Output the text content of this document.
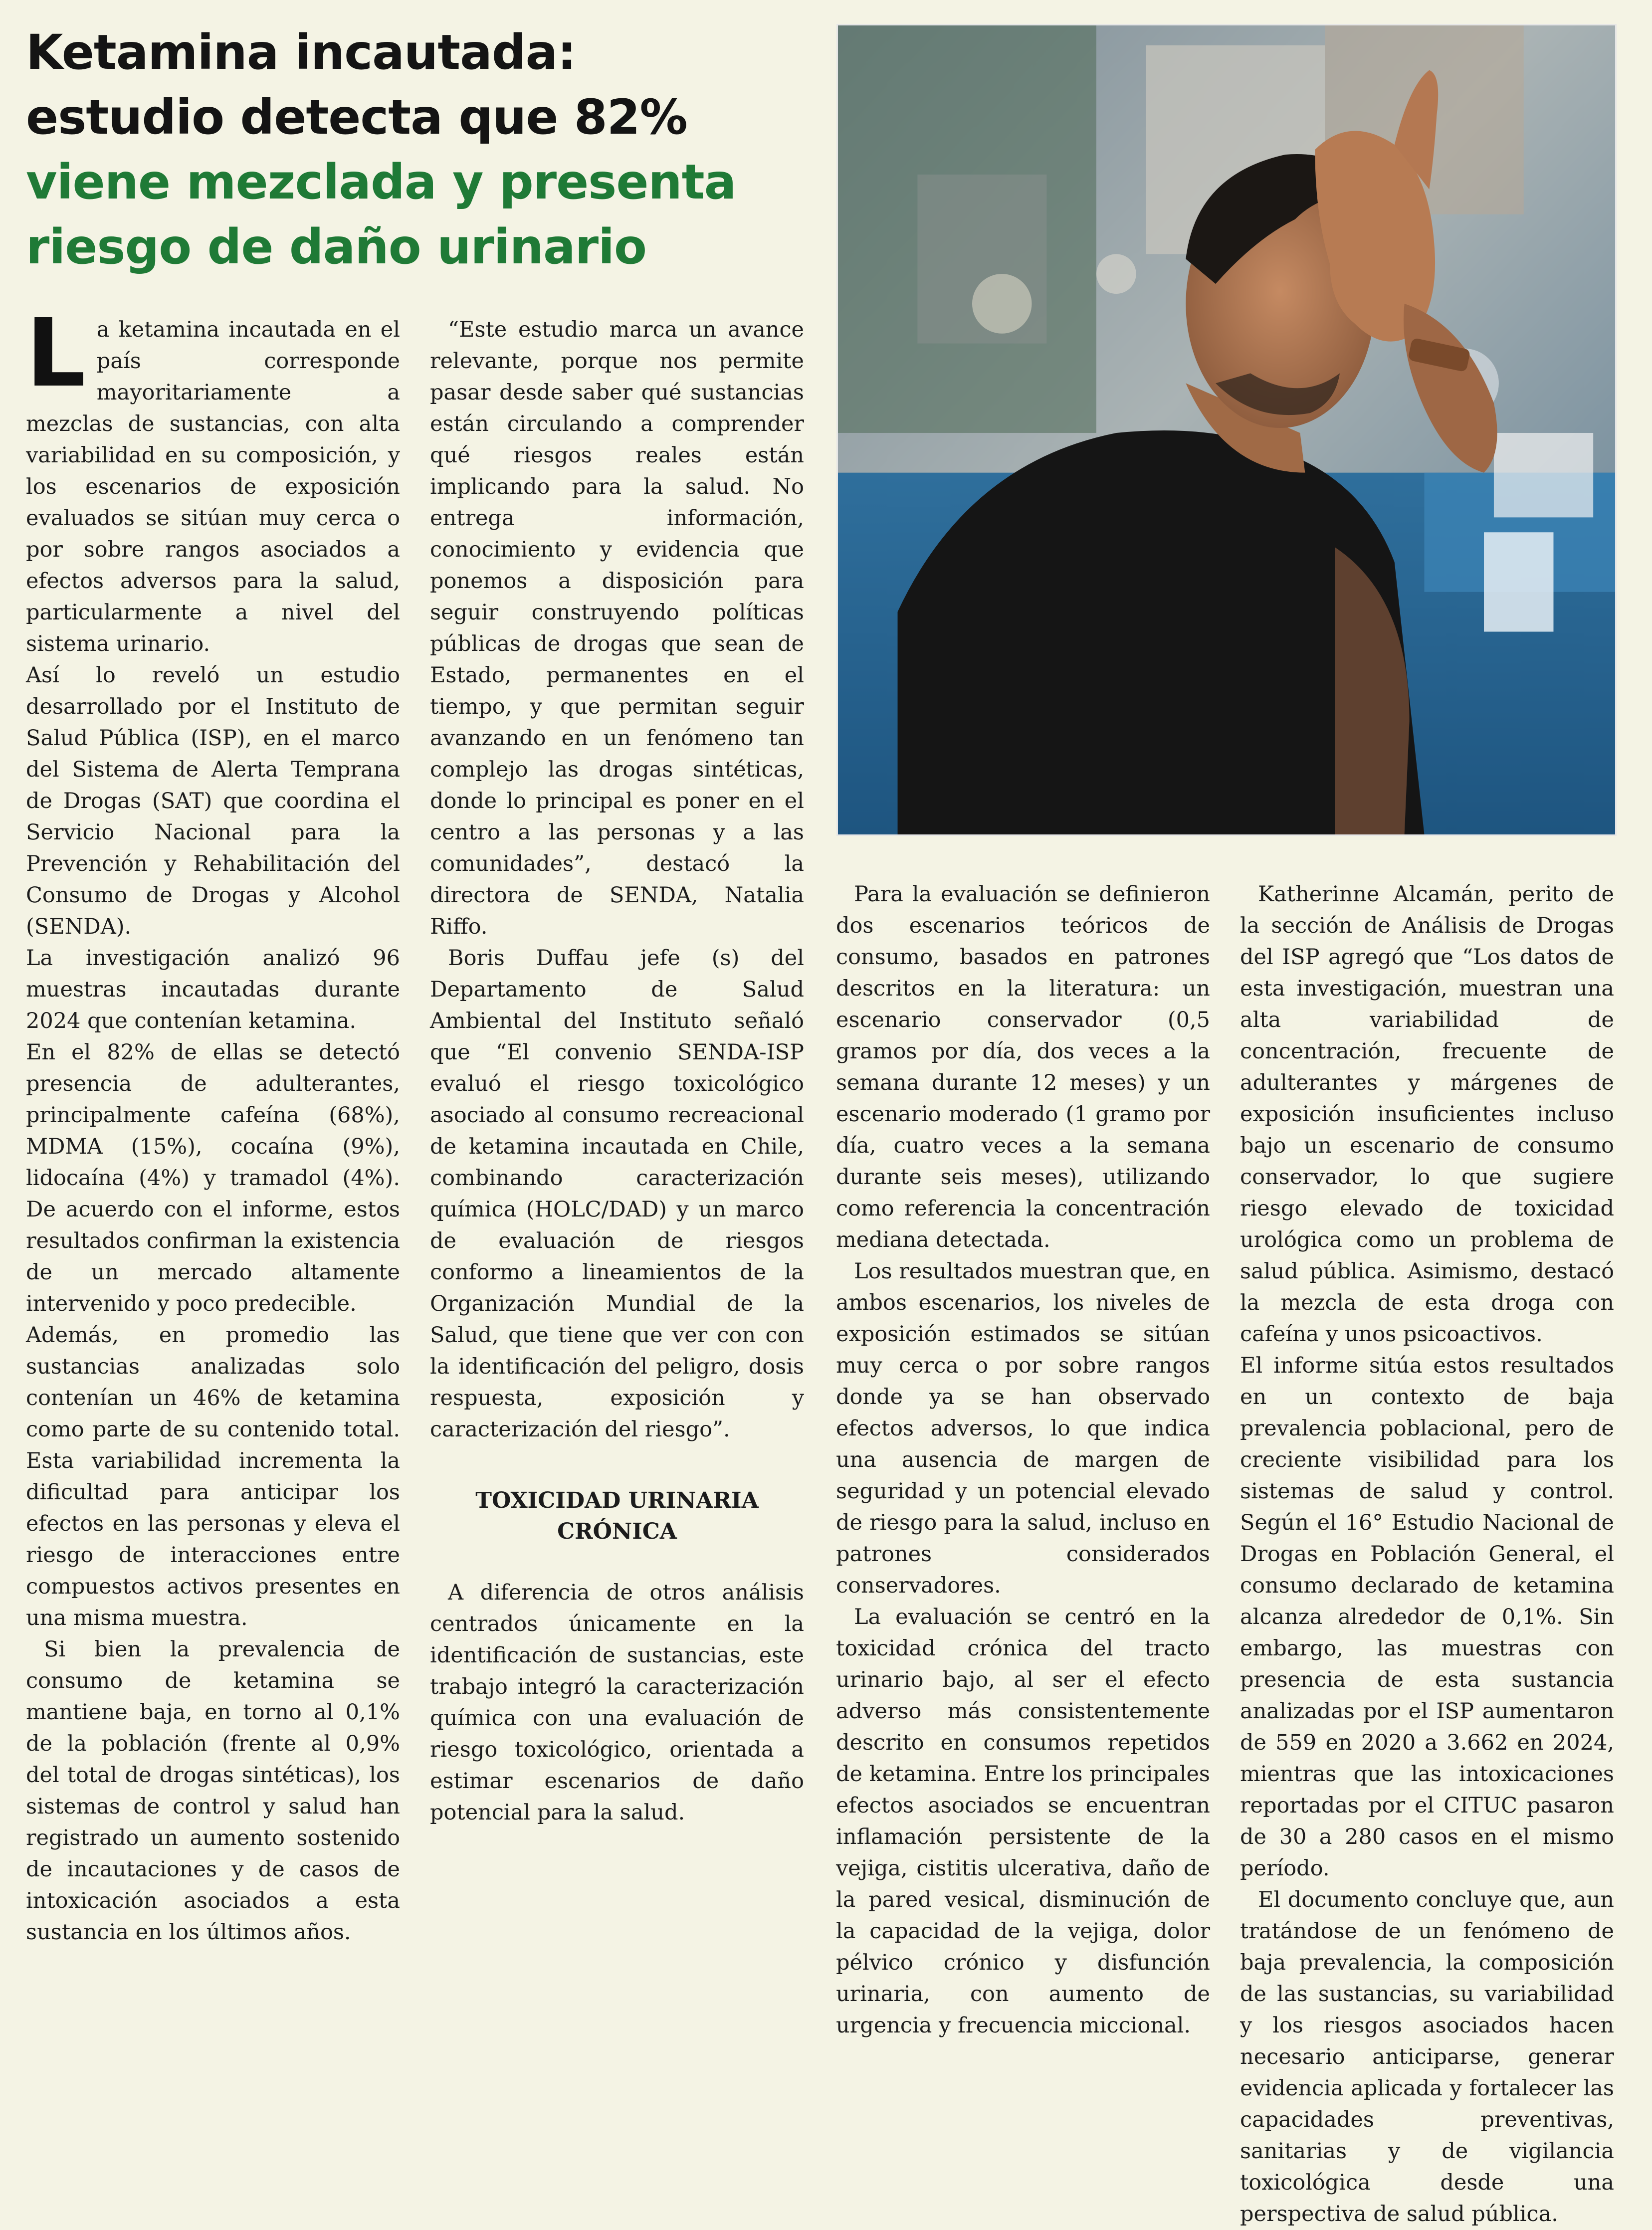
Ketamina incautada:
estudio detecta que 82%
viene mezclada y presenta
riesgo de daño urinario

La ketamina incautada en el país corresponde mayoritariamente a mezclas de sustancias, con alta variabilidad en su composición, y los escenarios de exposición evaluados se sitúan muy cerca o por sobre rangos asociados a efectos adversos para la salud, particularmente a nivel del sistema urinario.

Así lo reveló un estudio desarrollado por el Instituto de Salud Pública (ISP), en el marco del Sistema de Alerta Temprana de Drogas (SAT) que coordina el Servicio Nacional para la Prevención y Rehabilitación del Consumo de Drogas y Alcohol (SENDA).

La investigación analizó 96 muestras incautadas durante 2024 que contenían ketamina.

En el 82% de ellas se detectó presencia de adulterantes, principalmente cafeína (68%), MDMA (15%), cocaína (9%), lidocaína (4%) y tramadol (4%). De acuerdo con el informe, estos resultados confirman la existencia de un mercado altamente intervenido y poco predecible.

Además, en promedio las sustancias analizadas solo contenían un 46% de ketamina como parte de su contenido total. Esta variabilidad incrementa la dificultad para anticipar los efectos en las personas y eleva el riesgo de interacciones entre compuestos activos presentes en una misma muestra.

Si bien la prevalencia de consumo de ketamina se mantiene baja, en torno al 0,1% de la población (frente al 0,9% del total de drogas sintéticas), los sistemas de control y salud han registrado un aumento sostenido de incautaciones y de casos de intoxicación asociados a esta sustancia en los últimos años.

“Este estudio marca un avance relevante, porque nos permite pasar desde saber qué sustancias están circulando a comprender qué riesgos reales están implicando para la salud. No entrega información, conocimiento y evidencia que ponemos a disposición para seguir construyendo políticas públicas de drogas que sean de Estado, permanentes en el tiempo, y que permitan seguir avanzando en un fenómeno tan complejo las drogas sintéticas, donde lo principal es poner en el centro a las personas y a las comunidades”, destacó la directora de SENDA, Natalia Riffo.

Boris Duffau jefe (s) del Departamento de Salud Ambiental del Instituto señaló que “El convenio SENDA-ISP evaluó el riesgo toxicológico asociado al consumo recreacional de ketamina incautada en Chile, combinando caracterización química (HOLC/DAD) y un marco de evaluación de riesgos conformo a lineamientos de la Organización Mundial de la Salud, que tiene que ver con con la identificación del peligro, dosis respuesta, exposición y caracterización del riesgo”.

TOXICIDAD URINARIA CRÓNICA

A diferencia de otros análisis centrados únicamente en la identificación de sustancias, este trabajo integró la caracterización química con una evaluación de riesgo toxicológico, orientada a estimar escenarios de daño potencial para la salud.

Para la evaluación se definieron dos escenarios teóricos de consumo, basados en patrones descritos en la literatura: un escenario conservador (0,5 gramos por día, dos veces a la semana durante 12 meses) y un escenario moderado (1 gramo por día, cuatro veces a la semana durante seis meses), utilizando como referencia la concentración mediana detectada.

Los resultados muestran que, en ambos escenarios, los niveles de exposición estimados se sitúan muy cerca o por sobre rangos donde ya se han observado efectos adversos, lo que indica una ausencia de margen de seguridad y un potencial elevado de riesgo para la salud, incluso en patrones considerados conservadores.

La evaluación se centró en la toxicidad crónica del tracto urinario bajo, al ser el efecto adverso más consistentemente descrito en consumos repetidos de ketamina. Entre los principales efectos asociados se encuentran inflamación persistente de la vejiga, cistitis ulcerativa, daño de la pared vesical, disminución de la capacidad de la vejiga, dolor pélvico crónico y disfunción urinaria, con aumento de urgencia y frecuencia miccional.

Katherinne Alcamán, perito de la sección de Análisis de Drogas del ISP agregó que “Los datos de esta investigación, muestran una alta variabilidad de concentración, frecuente de adulterantes y márgenes de exposición insuficientes incluso bajo un escenario de consumo conservador, lo que sugiere riesgo elevado de toxicidad urológica como un problema de salud pública. Asimismo, destacó la mezcla de esta droga con cafeína y unos psicoactivos.

El informe sitúa estos resultados en un contexto de baja prevalencia poblacional, pero de creciente visibilidad para los sistemas de salud y control. Según el 16° Estudio Nacional de Drogas en Población General, el consumo declarado de ketamina alcanza alrededor de 0,1%. Sin embargo, las muestras con presencia de esta sustancia analizadas por el ISP aumentaron de 559 en 2020 a 3.662 en 2024, mientras que las intoxicaciones reportadas por el CITUC pasaron de 30 a 280 casos en el mismo período.

El documento concluye que, aun tratándose de un fenómeno de baja prevalencia, la composición de las sustancias, su variabilidad y los riesgos asociados hacen necesario anticiparse, generar evidencia aplicada y fortalecer las capacidades preventivas, sanitarias y de vigilancia toxicológica desde una perspectiva de salud pública.
